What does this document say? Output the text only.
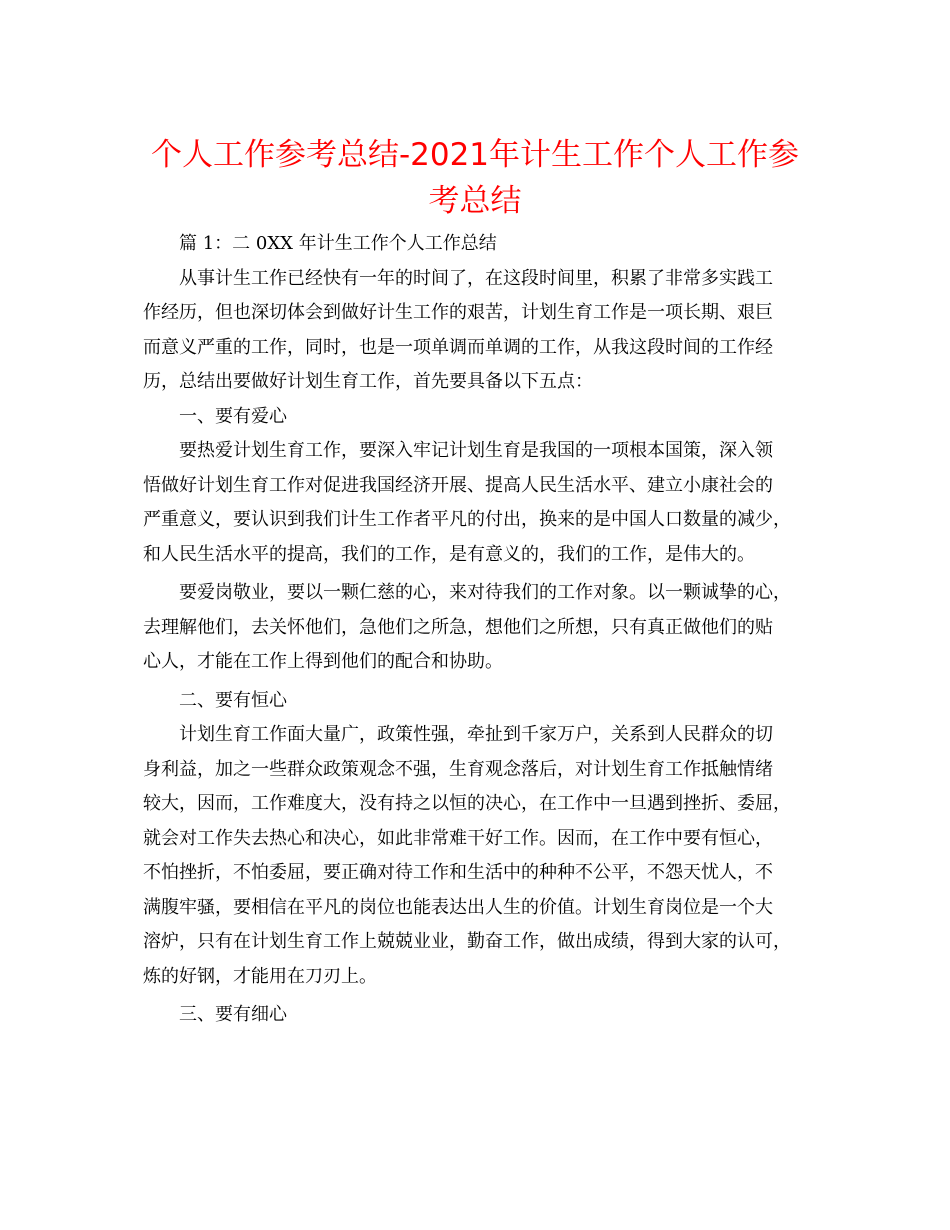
个人工作参考总结-2021年计生工作个人工作参
考总结

篇 1：二 0XX 年计生工作个人工作总结

从事计生工作已经快有一年的时间了，在这段时间里，积累了非常多实践工
作经历，但也深切体会到做好计生工作的艰苦，计划生育工作是一项长期、艰巨
而意义严重的工作，同时，也是一项单调而单调的工作，从我这段时间的工作经
历，总结出要做好计划生育工作，首先要具备以下五点：

一、要有爱心

要热爱计划生育工作，要深入牢记计划生育是我国的一项根本国策，深入领
悟做好计划生育工作对促进我国经济开展、提高人民生活水平、建立小康社会的
严重意义，要认识到我们计生工作者平凡的付出，换来的是中国人口数量的减少，
和人民生活水平的提高，我们的工作，是有意义的，我们的工作，是伟大的。

要爱岗敬业，要以一颗仁慈的心，来对待我们的工作对象。以一颗诚挚的心，
去理解他们，去关怀他们，急他们之所急，想他们之所想，只有真正做他们的贴
心人，才能在工作上得到他们的配合和协助。

二、要有恒心

计划生育工作面大量广，政策性强，牵扯到千家万户，关系到人民群众的切
身利益，加之一些群众政策观念不强，生育观念落后，对计划生育工作抵触情绪
较大，因而，工作难度大，没有持之以恒的决心，在工作中一旦遇到挫折、委屈，
就会对工作失去热心和决心，如此非常难干好工作。因而，在工作中要有恒心，
不怕挫折，不怕委屈，要正确对待工作和生活中的种种不公平，不怨天忧人，不
满腹牢骚，要相信在平凡的岗位也能表达出人生的价值。计划生育岗位是一个大
溶炉，只有在计划生育工作上兢兢业业，勤奋工作，做出成绩，得到大家的认可，
炼的好钢，才能用在刀刃上。

三、要有细心
